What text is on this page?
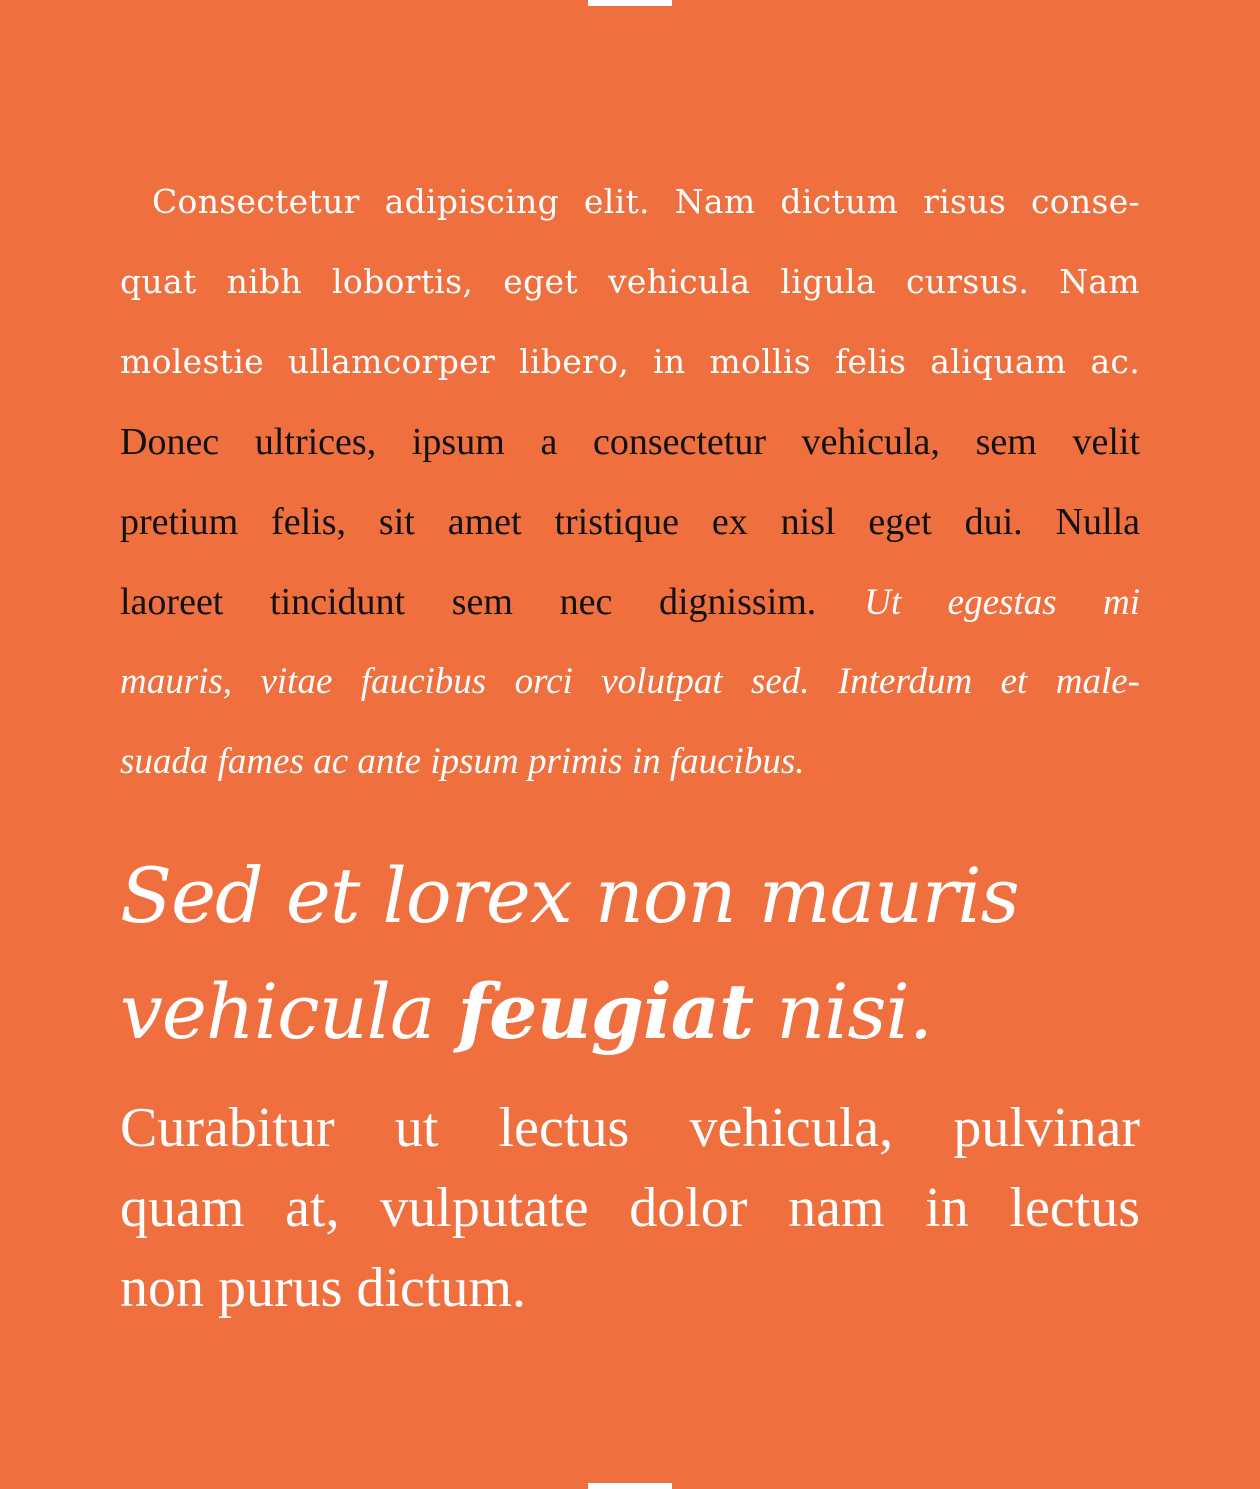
Consectetur adipiscing elit. Nam dictum risus conse-
quat nibh lobortis, eget vehicula ligula cursus. Nam
molestie ullamcorper libero, in mollis felis aliquam ac.
Donec ultrices, ipsum a consectetur vehicula, sem velit
pretium felis, sit amet tristique ex nisl eget dui. Nulla
laoreet tincidunt sem nec dignissim. Ut egestas mi
mauris, vitae faucibus orci volutpat sed. Interdum et male-
suada fames ac ante ipsum primis in faucibus.
Sed et lorex non mauris
vehicula feugiat nisi.
Curabitur ut lectus vehicula, pulvinar
quam at, vulputate dolor nam in lectus
non purus dictum.
